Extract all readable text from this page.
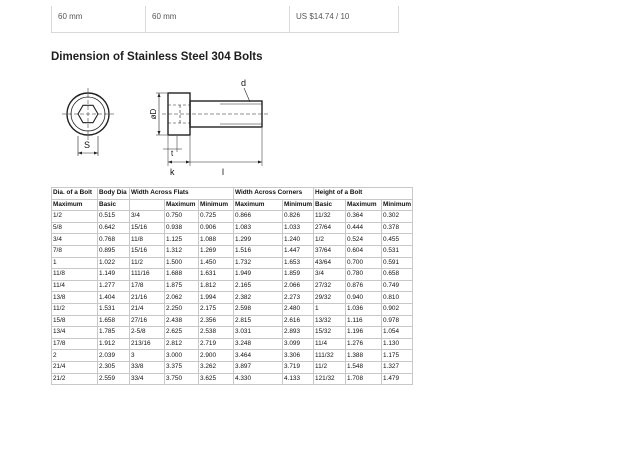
60 mm	60 mm	US $14.74 / 10
Dimension of Stainless Steel 304 Bolts
S
øD
d
t
k	l
Dia. of a Bolt	Body Dia	Width Across Flats			Width Across Corners		Height of a Bolt		
Maximum	Basic		Maximum	Minimum	Maximum	Minimum	Basic	Maximum	Minimum
1/2	0.515	3/4	0.750	0.725	0.866	0.826	11/32	0.364	0.302
5/8	0.642	15/16	0.938	0.906	1.083	1.033	27/64	0.444	0.378
3/4	0.768	11/8	1.125	1.088	1.299	1.240	1/2	0.524	0.455
7/8	0.895	15/16	1.312	1.269	1.516	1.447	37/64	0.604	0.531
1	1.022	11/2	1.500	1.450	1.732	1.653	43/64	0.700	0.591
11/8	1.149	111/16	1.688	1.631	1.949	1.859	3/4	0.780	0.658
11/4	1.277	17/8	1.875	1.812	2.165	2.066	27/32	0.876	0.749
13/8	1.404	21/16	2.062	1.994	2.382	2.273	29/32	0.940	0.810
11/2	1.531	21/4	2.250	2.175	2.598	2.480	1	1.036	0.902
15/8	1.658	27/16	2.438	2.356	2.815	2.616	13/32	1.116	0.978
13/4	1.785	2-5/8	2.625	2.538	3.031	2.893	15/32	1.196	1.054
17/8	1.912	213/16	2.812	2.719	3.248	3.099	11/4	1.276	1.130
2	2.039	3	3.000	2.900	3.464	3.306	111/32	1.388	1.175
21/4	2.305	33/8	3.375	3.262	3.897	3.719	11/2	1.548	1.327
21/2	2.559	33/4	3.750	3.625	4.330	4.133	121/32	1.708	1.479
